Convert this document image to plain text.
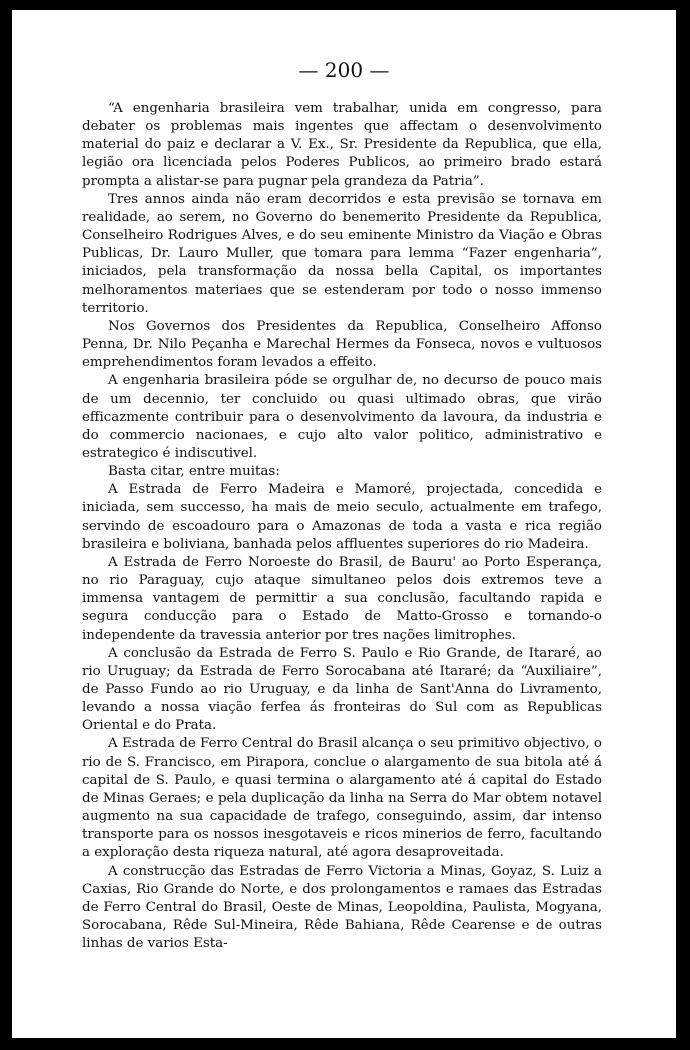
— 200 —

“A engenharia brasileira vem trabalhar, unida em congresso, para debater os problemas mais ingentes que affectam o desenvolvimento material do paiz e declarar a V. Ex., Sr. Presidente da Republica, que ella, legião ora licenciada pelos Poderes Publicos, ao primeiro brado estará prompta a alistar-se para pugnar pela grandeza da Patria”.

Tres annos ainda não eram decorridos e esta previsão se tornava em realidade, ao serem, no Governo do benemerito Presidente da Republica, Conselheiro Rodrigues Alves, e do seu eminente Ministro da Viação e Obras Publicas, Dr. Lauro Muller, que tomara para lemma “Fazer engenharia”, iniciados, pela transformação da nossa bella Capital, os importantes melhoramentos materiaes que se estenderam por todo o nosso immenso territorio.

Nos Governos dos Presidentes da Republica, Conselheiro Affonso Penna, Dr. Nilo Peçanha e Marechal Hermes da Fonseca, novos e vultuosos emprehendimentos foram levados a effeito.

A engenharia brasileira póde se orgulhar de, no decurso de pouco mais de um decennio, ter concluido ou quasi ultimado obras, que virão efficazmente contribuir para o desenvolvimento da lavoura, da industria e do commercio nacionaes, e cujo alto valor politico, administrativo e estrategico é indiscutivel.

Basta citar, entre muitas:

A Estrada de Ferro Madeira e Mamoré, projectada, concedida e iniciada, sem successo, ha mais de meio seculo, actualmente em trafego, servindo de escoadouro para o Amazonas de toda a vasta e rica região brasileira e boliviana, banhada pelos affluentes superiores do rio Madeira.

A Estrada de Ferro Noroeste do Brasil, de Bauru' ao Porto Esperança, no rio Paraguay, cujo ataque simultaneo pelos dois extremos teve a immensa vantagem de permittir a sua conclusão, facultando rapida e segura conducção para o Estado de Matto-Grosso e tornando-o independente da travessia anterior por tres nações limitrophes.

A conclusão da Estrada de Ferro S. Paulo e Rio Grande, de Itararé, ao rio Uruguay; da Estrada de Ferro Sorocabana até Itararé; da “Auxiliaire”, de Passo Fundo ao rio Uruguay, e da linha de Sant'Anna do Livramento, levando a nossa viação ferfea ás fronteiras do Sul com as Republicas Oriental e do Prata.

A Estrada de Ferro Central do Brasil alcança o seu primitivo objectivo, o rio de S. Francisco, em Pirapora, conclue o alargamento de sua bitola até á capital de S. Paulo, e quasi termina o alargamento até á capital do Estado de Minas Geraes; e pela duplicação da linha na Serra do Mar obtem notavel augmento na sua capacidade de trafego, conseguindo, assim, dar intenso transporte para os nossos inesgotaveis e ricos minerios de ferro, facultando a exploração desta riqueza natural, até agora desaproveitada.

A construcção das Estradas de Ferro Victoria a Minas, Goyaz, S. Luiz a Caxias, Rio Grande do Norte, e dos prolongamentos e ramaes das Estradas de Ferro Central do Brasil, Oeste de Minas, Leopoldina, Paulista, Mogyana, Sorocabana, Rêde Sul-Mineira, Rêde Bahiana, Rêde Cearense e de outras linhas de varios Esta-
